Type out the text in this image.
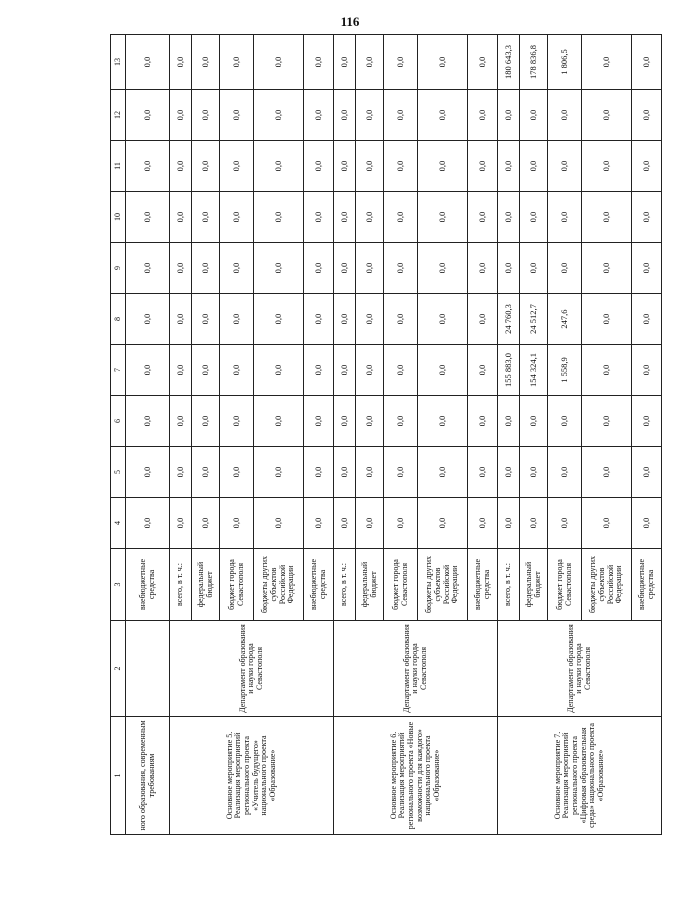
116
1	2	3	4	5	6	7	8	9	10	11	12	13
ного образования, современным требованиям		внебюджетные средства	0,0	0,0	0,0	0,0	0,0	0,0	0,0	0,0	0,0	0,0
Основное мероприятие 5. Реализация мероприятий регионального проекта «Учитель будущего» национального проекта «Образование»	Департамент образования и науки города Севастополя	всего, в т. ч.:	0,0	0,0	0,0	0,0	0,0	0,0	0,0	0,0	0,0	0,0
		федеральный бюджет	0,0	0,0	0,0	0,0	0,0	0,0	0,0	0,0	0,0	0,0
		бюджет города Севастополя	0,0	0,0	0,0	0,0	0,0	0,0	0,0	0,0	0,0	0,0
		бюджеты других субъектов Российской Федерации	0,0	0,0	0,0	0,0	0,0	0,0	0,0	0,0	0,0	0,0
		внебюджетные средства	0,0	0,0	0,0	0,0	0,0	0,0	0,0	0,0	0,0	0,0
Основное мероприятие 6. Реализация мероприятий регионального проекта «Новые возможности для каждого» национального проекта «Образование»	Департамент образования и науки города Севастополя	всего, в т. ч.:	0,0	0,0	0,0	0,0	0,0	0,0	0,0	0,0	0,0	0,0
		федеральный бюджет	0,0	0,0	0,0	0,0	0,0	0,0	0,0	0,0	0,0	0,0
		бюджет города Севастополя	0,0	0,0	0,0	0,0	0,0	0,0	0,0	0,0	0,0	0,0
		бюджеты других субъектов Российской Федерации	0,0	0,0	0,0	0,0	0,0	0,0	0,0	0,0	0,0	0,0
		внебюджетные средства	0,0	0,0	0,0	0,0	0,0	0,0	0,0	0,0	0,0	0,0
Основное мероприятие 7. Реализация мероприятий регионального проекта «Цифровая образовательная среда» национального проекта «Образование»	Департамент образования и науки города Севастополя	всего, в т. ч.:	0,0	0,0	0,0	155 883,0	24 760,3	0,0	0,0	0,0	0,0	180 643,3
		федеральный бюджет	0,0	0,0	0,0	154 324,1	24 512,7	0,0	0,0	0,0	0,0	178 836,8
		бюджет города Севастополя	0,0	0,0	0,0	1 558,9	247,6	0,0	0,0	0,0	0,0	1 806,5
		бюджеты других субъектов Российской Федерации	0,0	0,0	0,0	0,0	0,0	0,0	0,0	0,0	0,0	0,0
		внебюджетные средства	0,0	0,0	0,0	0,0	0,0	0,0	0,0	0,0	0,0	0,0
